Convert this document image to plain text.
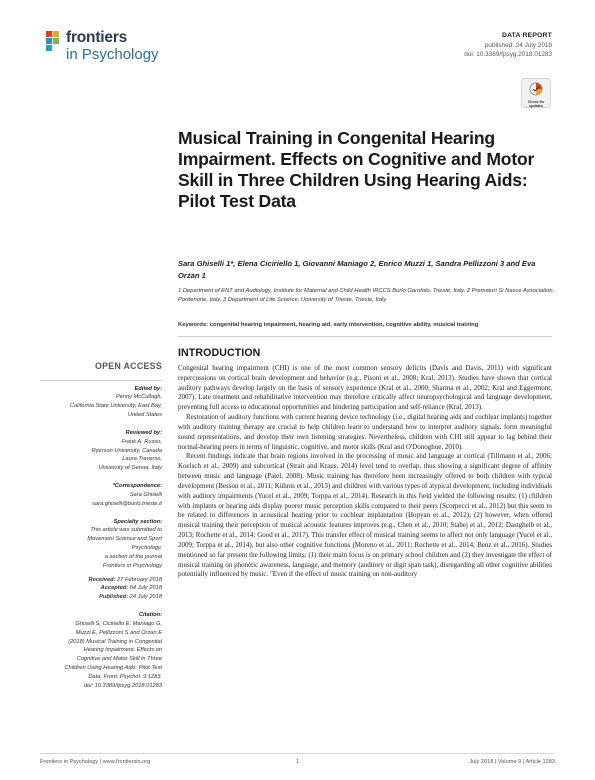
frontiers
in Psychology
DATA REPORT
published: 24 July 2018
doi: 10.3389/fpsyg.2018.01283
Check for
updates
Musical Training in Congenital Hearing Impairment. Effects on Cognitive and Motor Skill in Three Children Using Hearing Aids: Pilot Test Data
Sara Ghiselli 1*, Elena Ciciriello 1, Giovanni Maniago 2, Enrico Muzzi 1, Sandra Pellizzoni 3 and Eva Orzan 1
1 Department of ENT and Audiology, Institute for Maternal and Child Health IRCCS Burlo Garofolo, Trieste, Italy, 2 Prematuri Si Nasce Association, Pordenone, Italy, 3 Department of Life Science, University of Trieste, Trieste, Italy
Keywords: congenital hearing impairment, hearing aid, early intervention, cognitive ability, musical training
OPEN ACCESS
Edited by:
Penny McCullagh,
California State University, East Bay,
United States
Reviewed by:
Frank A. Russo,
Ryerson University, Canada
Laura Traverso,
University of Genoa, Italy
*Correspondence:
Sara Ghiselli
sara.ghiselli@burlo.trieste.it
Specialty section:
This article was submitted to
Movement Science and Sport
Psychology,
a section of the journal
Frontiers in Psychology
Received: 27 February 2018
Accepted: 04 July 2018
Published: 24 July 2018
Citation:
Ghiselli S, Ciciriello E, Maniago G,
Muzzi E, Pellizzoni S and Orzan E
(2018) Musical Training in Congenital
Hearing Impairment. Effects on
Cognitive and Motor Skill in Three
Children Using Hearing Aids: Pilot Test
Data. Front. Psychol. 9:1283.
doi: 10.3389/fpsyg.2018.01283
INTRODUCTION

Congenital hearing impairment (CHI) is one of the most common sensory deficits (Davis and Davis, 2011) with significant repercussions on cortical brain development and behavior (e.g., Pisoni et al., 2008; Kral, 2013). Studies have shown that cortical auditory pathways develop largely on the basis of sensory experience (Kral et al., 2000; Sharma et al., 2002; Kral and Eggermont, 2007). Late treatment and rehabilitative intervention may therefore critically affect neuropsychological and language development, preventing full access to educational opportunities and hindering participation and self-reliance (Kral, 2013).

Restoration of auditory functions with current hearing device technology (i.e., digital hearing aids and cochlear implants) together with auditory training therapy are crucial to help children learn to understand how to interpret auditory signals, form meaningful sound representations, and develop their own listening strategies. Nevertheless, children with CHI still appear to lag behind their normal-hearing peers in terms of linguistic, cognitive, and motor skills (Kral and O'Donoghue, 2010).

Recent findings indicate that brain regions involved in the processing of music and language at cortical (Tillmann et al., 2006; Koelsch et al., 2009) and subcortical (Strait and Kraus, 2014) level tend to overlap, thus showing a significant degree of affinity between music and language (Patel, 2008). Music training has therefore been increasingly offered to both children with typical development (Besson et al., 2011; Kühnis et al., 2013) and children with various types of atypical development, including individuals with auditory impairments (Yucel et al., 2009; Torppa et al., 2014). Research in this field yielded the following results: (1) children with implants or hearing aids display poorer music perception skills compared to their peers (Scorpecci et al., 2012) but this seem to be related to differences in acoustical hearing prior to cochlear implantation (Hopyan et al., 2012); (2) however, when offered musical training their perception of musical acoustic features improves (e.g., Chen et al., 2010; Stabej et al., 2012; Dastgheib et al., 2013; Rochette et al., 2014; Good et al., 2017). This transfer effect of musical training seems to affect not only language (Yucel et al., 2009; Torppa et al., 2014), but also other cognitive functions (Moreno et al., 2011; Rochette et al., 2014; Benz et al., 2016). Studies mentioned so far present the following limits; (1) their main focus is on primary school children and (2) they investigate the effect of musical training on phonetic awareness, language, and memory (auditory or digit span task), disregarding all other cognitive abilities potentially influenced by music. "Even if the effect of music training on non-auditory

Frontiers in Psychology | www.frontiersin.org	1	July 2018 | Volume 9 | Article 1283
